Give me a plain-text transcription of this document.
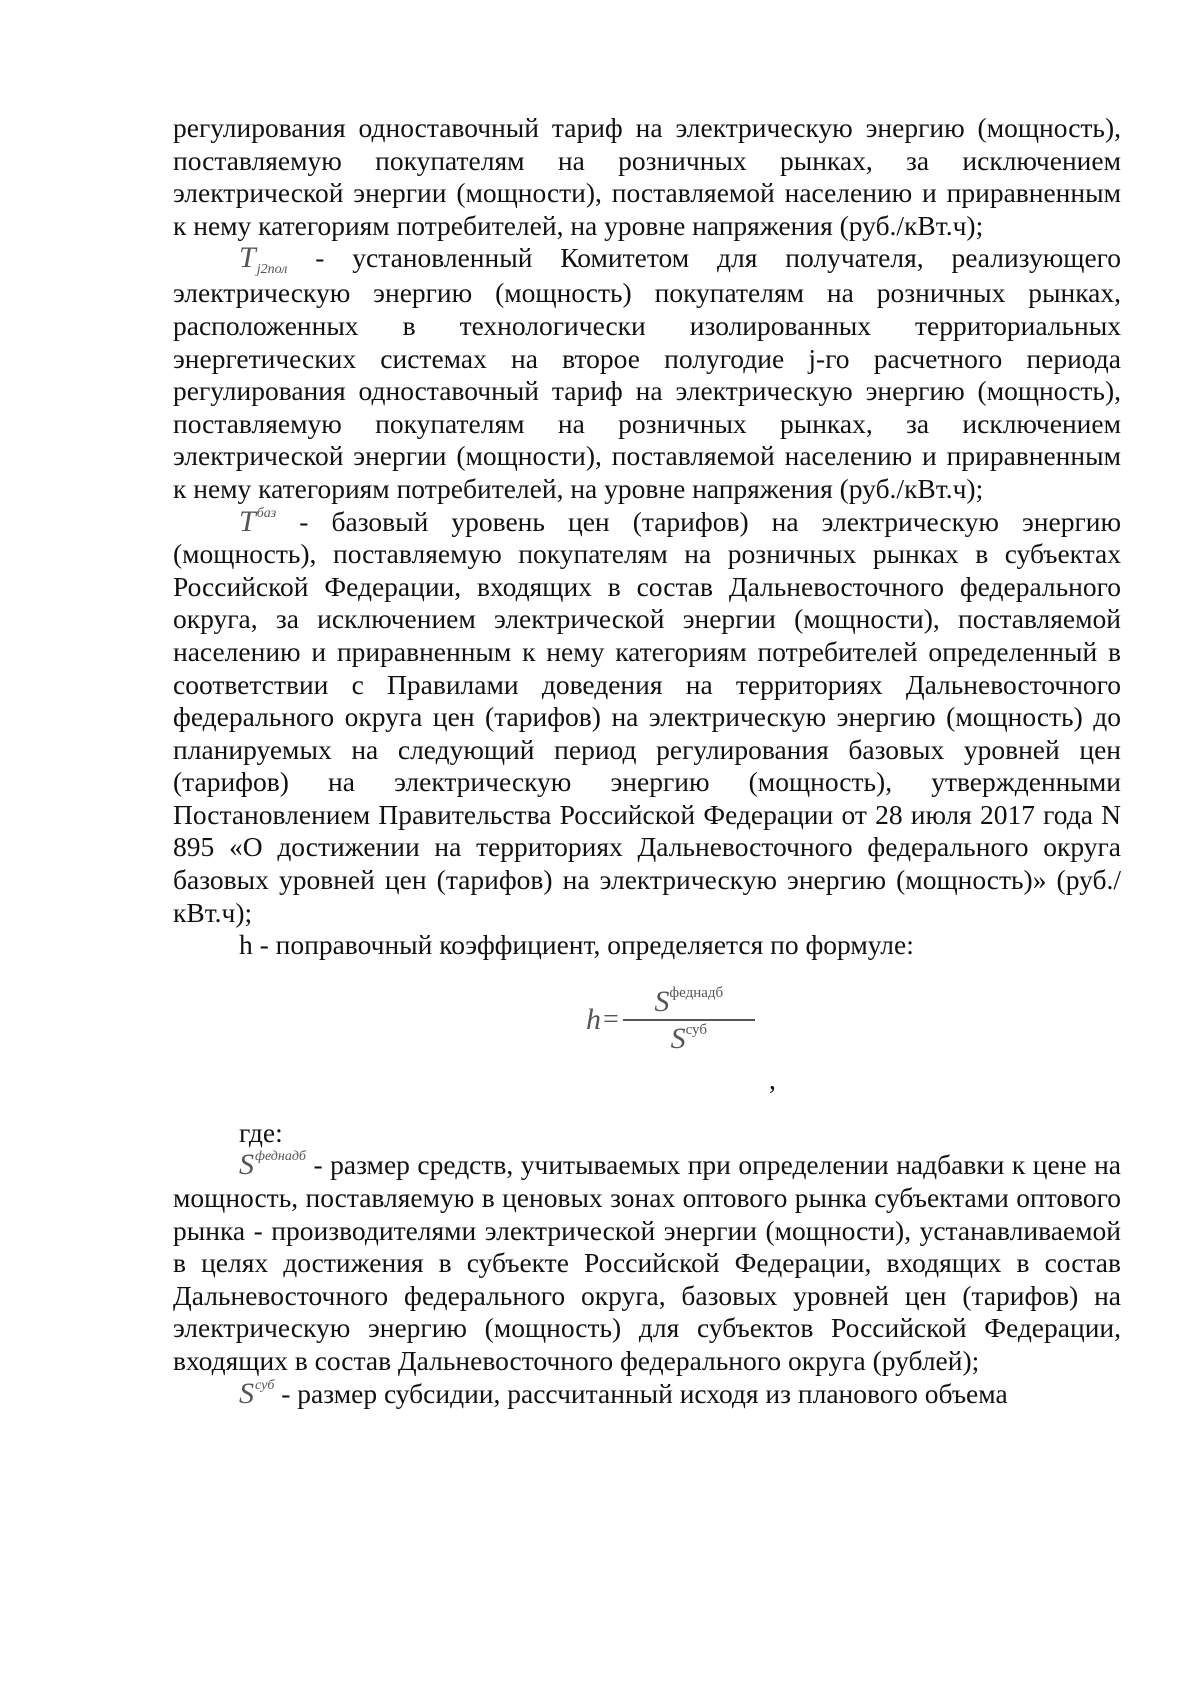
регулирования одноставочный тариф на электрическую энергию (мощность), поставляемую покупателям на розничных рынках, за исключением электрической энергии (мощности), поставляемой населению и приравненным к нему категориям потребителей, на уровне напряжения (руб./кВт.ч);

$T_{j2пол}$ - установленный Комитетом для получателя, реализующего электрическую энергию (мощность) покупателям на розничных рынках, расположенных в технологически изолированных территориальных энергетических системах на второе полугодие j-го расчетного периода регулирования одноставочный тариф на электрическую энергию (мощность), поставляемую покупателям на розничных рынках, за исключением электрической энергии (мощности), поставляемой населению и приравненным к нему категориям потребителей, на уровне напряжения (руб./кВт.ч);

$T^{баз}$ - базовый уровень цен (тарифов) на электрическую энергию (мощность), поставляемую покупателям на розничных рынках в субъектах Российской Федерации, входящих в состав Дальневосточного федерального округа, за исключением электрической энергии (мощности), поставляемой населению и приравненным к нему категориям потребителей определенный в соответствии с Правилами доведения на территориях Дальневосточного федерального округа цен (тарифов) на электрическую энергию (мощность) до планируемых на следующий период регулирования базовых уровней цен (тарифов) на электрическую энергию (мощность), утвержденными Постановлением Правительства Российской Федерации от 28 июля 2017 года N 895 «О достижении на территориях Дальневосточного федерального округа базовых уровней цен (тарифов) на электрическую энергию (мощность)» (руб./кВт.ч);

h - поправочный коэффициент, определяется по формуле:

$h = \frac{S^{феднадб}}{S^{суб}}$
,

где:

$S^{феднадб}$ - размер средств, учитываемых при определении надбавки к цене на мощность, поставляемую в ценовых зонах оптового рынка субъектами оптового рынка - производителями электрической энергии (мощности), устанавливаемой в целях достижения в субъекте Российской Федерации, входящих в состав Дальневосточного федерального округа, базовых уровней цен (тарифов) на электрическую энергию (мощность) для субъектов Российской Федерации, входящих в состав Дальневосточного федерального округа (рублей);

$S^{суб}$ - размер субсидии, рассчитанный исходя из планового объема
